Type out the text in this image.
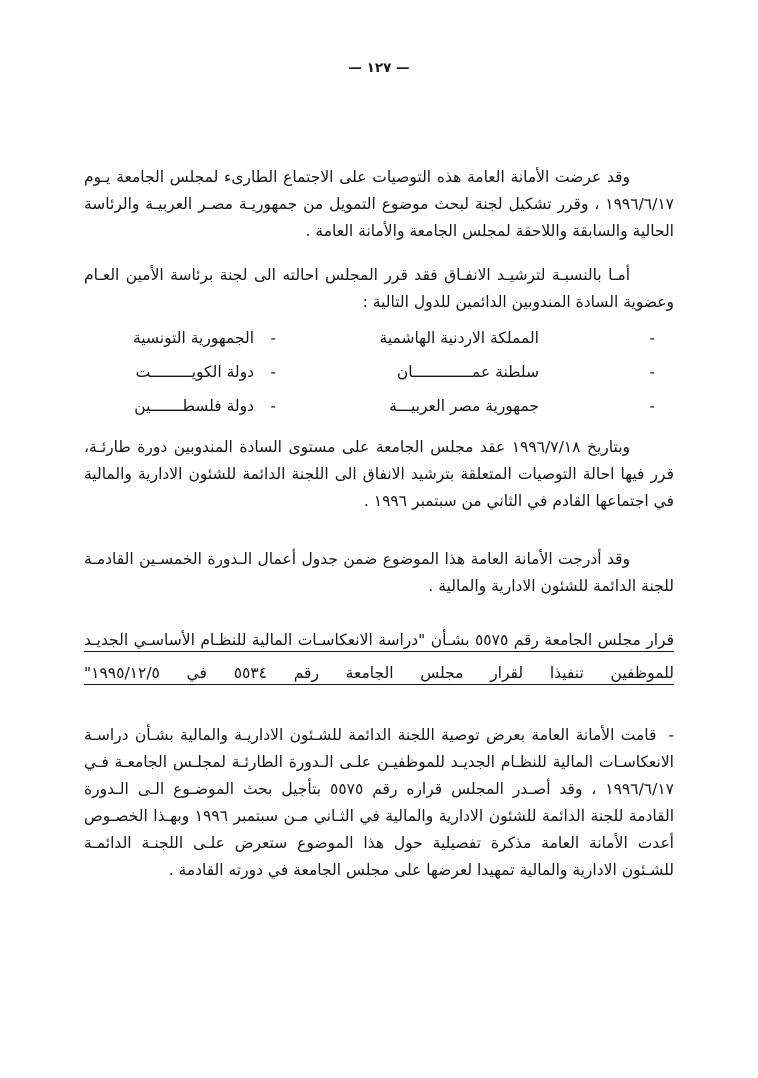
— ١٢٧ —

وقد عرضت الأمانة العامة هذه التوصيات على الاجتماع الطارىء لمجلس الجامعة يـوم ١٩٩٦/٦/١٧ ، وقرر تشكيل لجنة لبحث موضوع التمويل من جمهوريـة مصـر العربيـة والرئاسة الحالية والسابقة واللاحقة لمجلس الجامعة والأمانة العامة .

أمـا بالنسبـة لترشيـد الانفـاق فقد قرر المجلس احالته الى لجنة برئاسة الأمين العـام وعضوية السادة المندوبين الدائمين للدول التالية :

-
المملكة الاردنية الهاشمية
-
الجمهورية التونسية
-
سلطنة عمـــــــــــــان
-
دولة الكويـــــــــت
-
جمهورية مصر العربيـــة
-
دولة فلسطـــــــين

وبتاريخ ١٩٩٦/٧/١٨ عقد مجلس الجامعة على مستوى السادة المندوبين دورة طارئـة، قرر فيها احالة التوصيات المتعلقة بترشيد الانفاق الى اللجنة الدائمة للشئون الادارية والمالية في اجتماعها القادم في الثاني من سبتمبر ١٩٩٦ .

وقد أدرجت الأمانة العامة هذا الموضوع ضمن جدول أعمال الـدورة الخمسـين القادمـة للجنة الدائمة للشئون الادارية والمالية .

قرار مجلس الجامعة رقم ٥٥٧٥ بشـأن "دراسة الانعكاسـات المالية للنظـام الأساسـي الجديـد للموظفين تنفيذا لقرار مجلس الجامعة رقم ٥٥٣٤ في ١٩٩٥/١٢/٥"

-قامت الأمانة العامة بعرض توصية اللجنة الدائمة للشـئون الاداريـة والمالية بشـأن دراسـة الانعكاسـات المالية للنظـام الجديـد للموظفيـن علـى الـدورة الطارئـة لمجلـس الجامعـة فـي ١٩٩٦/٦/١٧ ، وقد أصـدر المجلس قراره رقم ٥٥٧٥ بتأجيل بحث الموضـوع الـى الـدورة القادمة للجنة الدائمة للشئون الادارية والمالية في الثـاني مـن سبتمبر ١٩٩٦ وبهـذا الخصـوص أعدت الأمانة العامة مذكرة تفصيلية حول هذا الموضوع ستعرض علـى اللجنـة الدائمـة للشـئون الادارية والمالية تمهيدا لعرضها على مجلس الجامعة في دورته القادمة .
